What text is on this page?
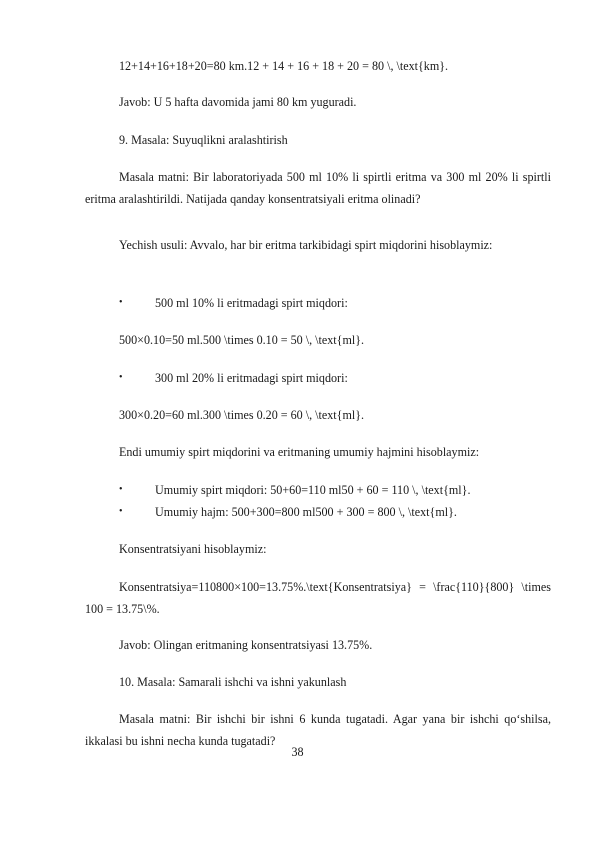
12+14+16+18+20=80 km.12 + 14 + 16 + 18 + 20 = 80 \, \text{km}.

Javob: U 5 hafta davomida jami 80 km yuguradi.

9. Masala: Suyuqlikni aralashtirish

Masala matni: Bir laboratoriyada 500 ml 10% li spirtli eritma va 300 ml 20% li spirtli eritma aralashtirildi. Natijada qanday konsentratsiyali eritma olinadi?

Yechish usuli: Avvalo, har bir eritma tarkibidagi spirt miqdorini hisoblaymiz:

•	500 ml 10% li eritmadagi spirt miqdori:

500×0.10=50 ml.500 \times 0.10 = 50 \, \text{ml}.

•	300 ml 20% li eritmadagi spirt miqdori:

300×0.20=60 ml.300 \times 0.20 = 60 \, \text{ml}.

Endi umumiy spirt miqdorini va eritmaning umumiy hajmini hisoblaymiz:

•	Umumiy spirt miqdori: 50+60=110 ml50 + 60 = 110 \, \text{ml}.
•	Umumiy hajm: 500+300=800 ml500 + 300 = 800 \, \text{ml}.

Konsentratsiyani hisoblaymiz:

Konsentratsiya=110800×100=13.75%.\text{Konsentratsiya} = \frac{110}{800} \times 100 = 13.75\%.

Javob: Olingan eritmaning konsentratsiyasi 13.75%.

10. Masala: Samarali ishchi va ishni yakunlash

Masala matni: Bir ishchi bir ishni 6 kunda tugatadi. Agar yana bir ishchi qo‘shilsa, ikkalasi bu ishni necha kunda tugatadi?

38
